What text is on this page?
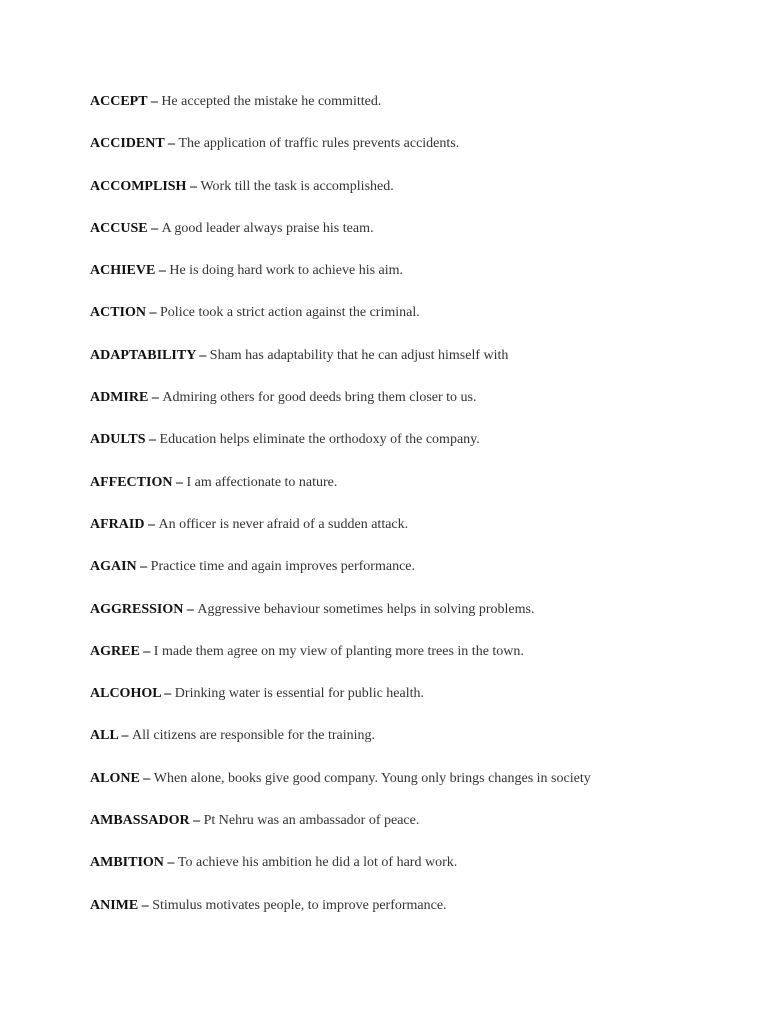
ACCEPT – He accepted the mistake he committed.
ACCIDENT – The application of traffic rules prevents accidents.
ACCOMPLISH – Work till the task is accomplished.
ACCUSE – A good leader always praise his team.
ACHIEVE – He is doing hard work to achieve his aim.
ACTION – Police took a strict action against the criminal.
ADAPTABILITY – Sham has adaptability that he can adjust himself with
ADMIRE – Admiring others for good deeds bring them closer to us.
ADULTS – Education helps eliminate the orthodoxy of the company.
AFFECTION – I am affectionate to nature.
AFRAID – An officer is never afraid of a sudden attack.
AGAIN – Practice time and again improves performance.
AGGRESSION – Aggressive behaviour sometimes helps in solving problems.
AGREE – I made them agree on my view of planting more trees in the town.
ALCOHOL – Drinking water is essential for public health.
ALL – All citizens are responsible for the training.
ALONE – When alone, books give good company. Young only brings changes in society
AMBASSADOR – Pt Nehru was an ambassador of peace.
AMBITION – To achieve his ambition he did a lot of hard work.
ANIME – Stimulus motivates people, to improve performance.
